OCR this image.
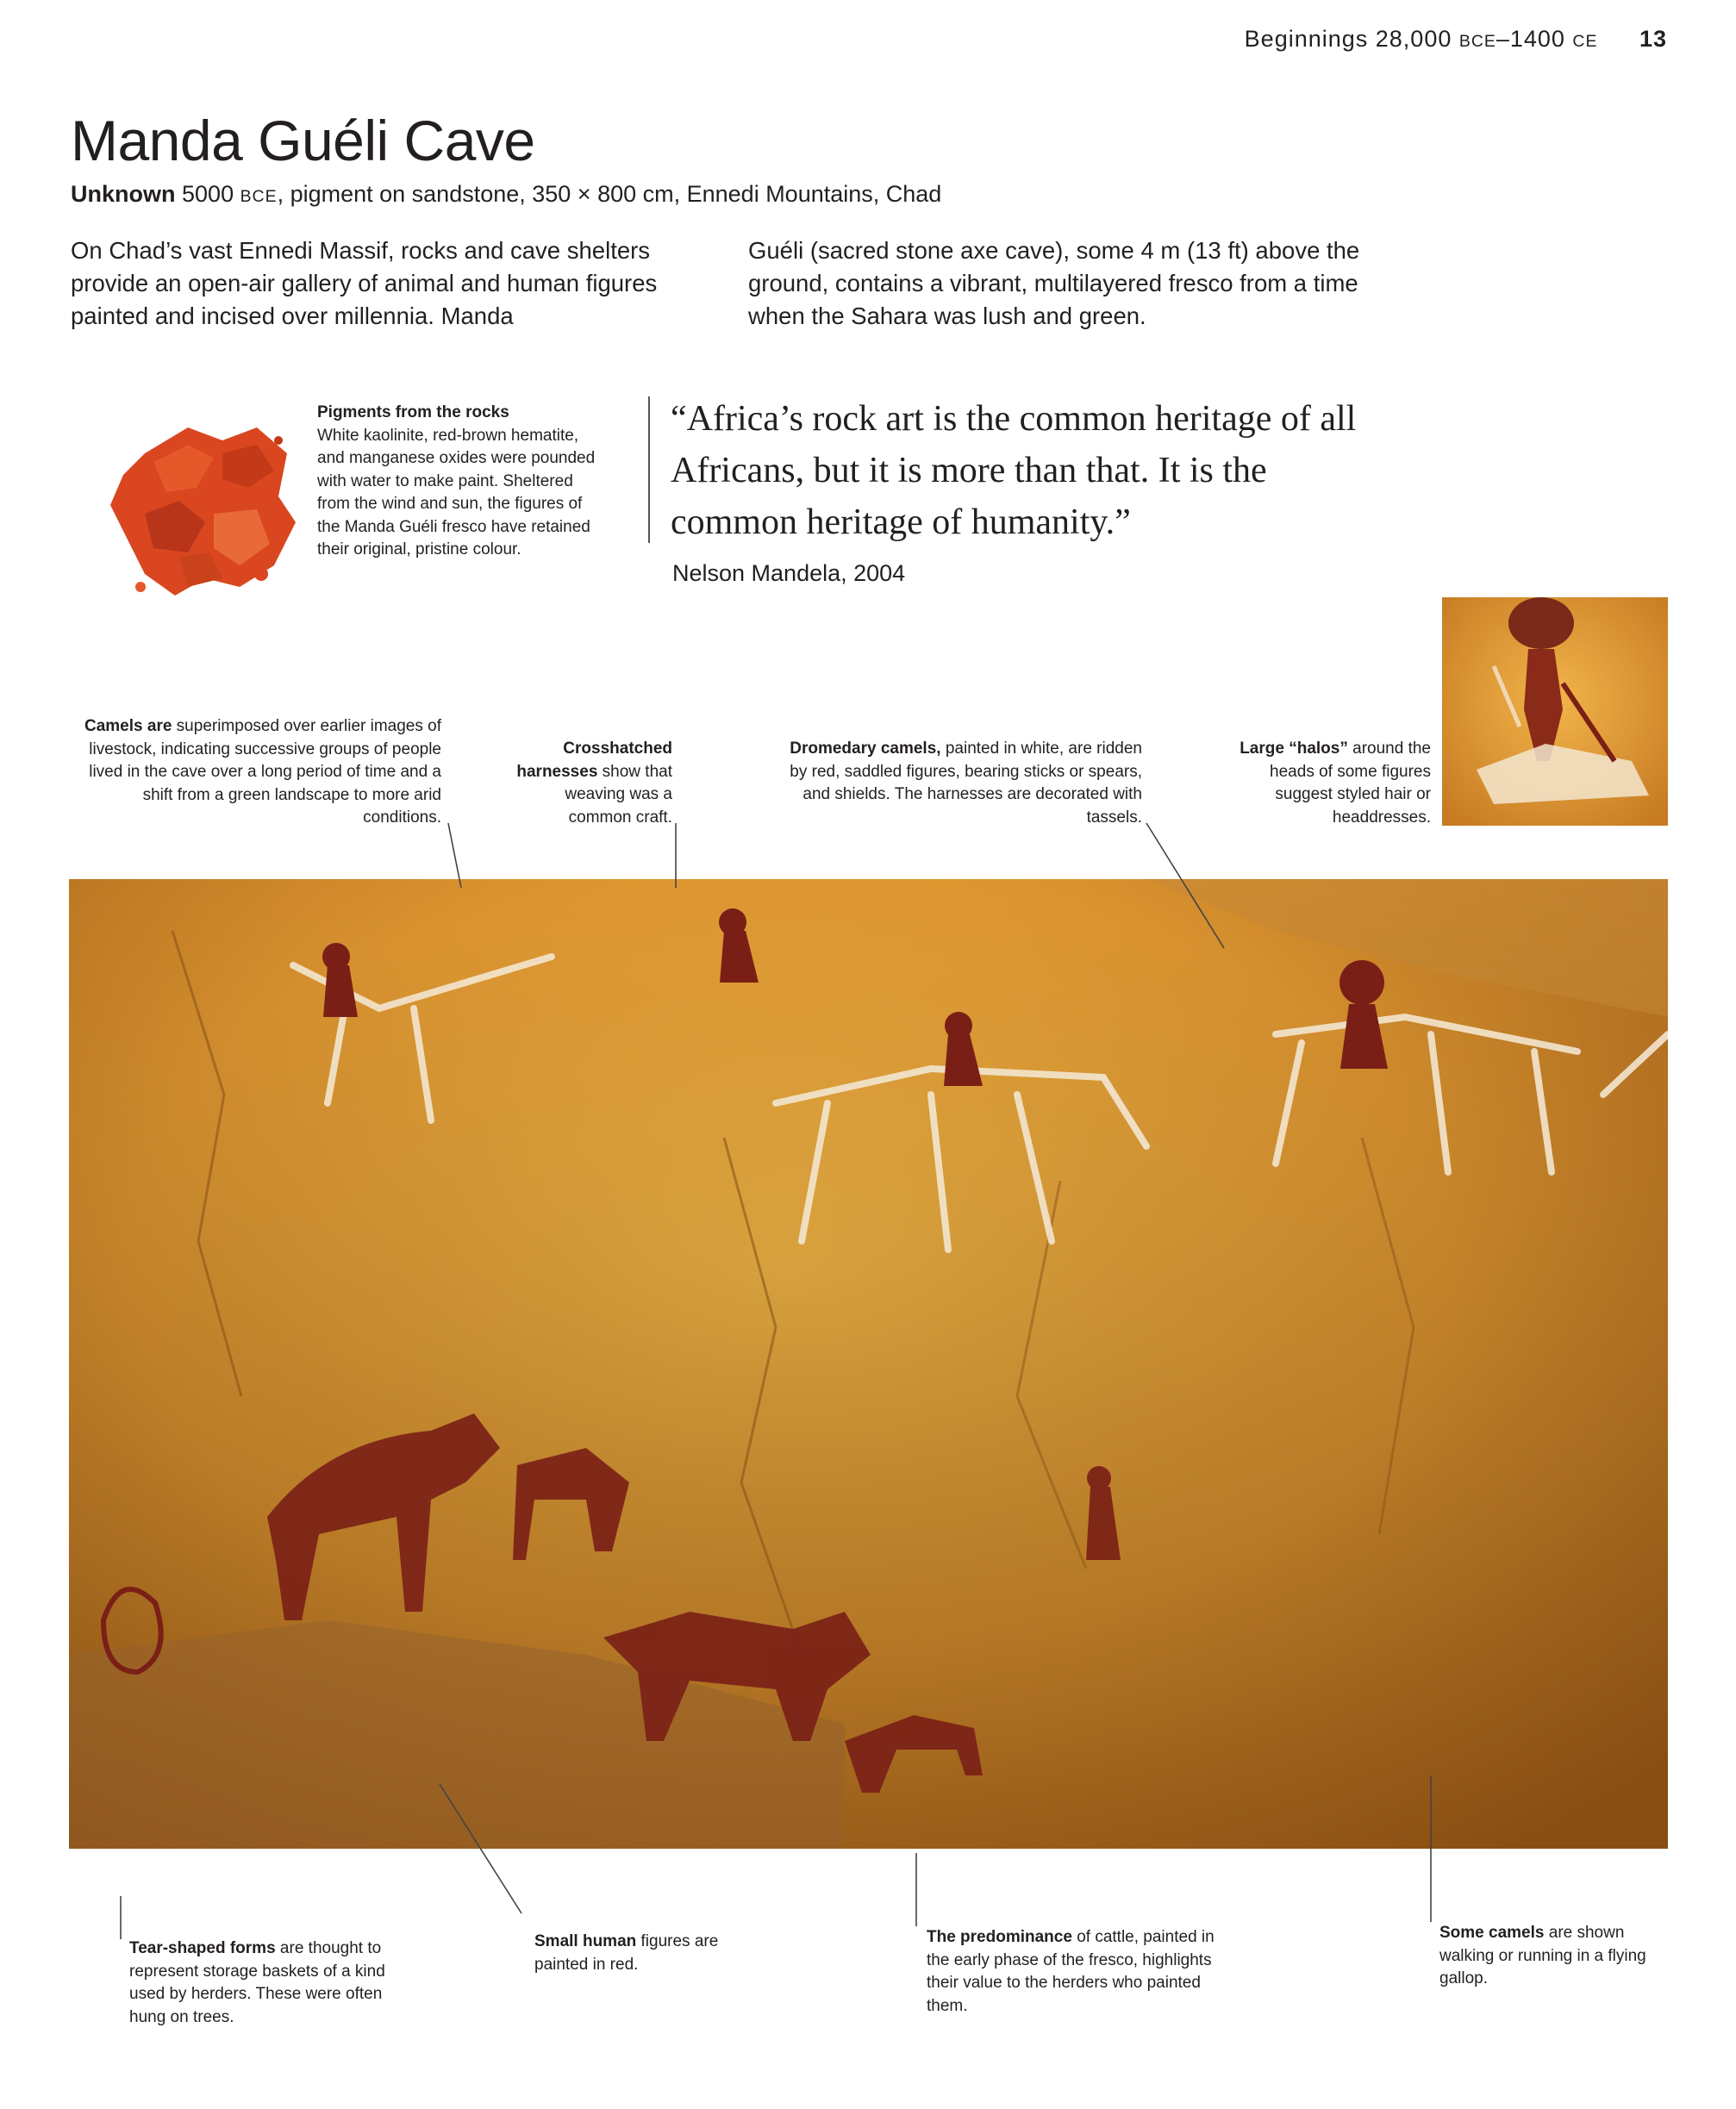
Beginnings 28,000 BCE–1400 CE 13
Manda Guéli Cave
Unknown 5000 BCE, pigment on sandstone, 350 × 800 cm, Ennedi Mountains, Chad
On Chad’s vast Ennedi Massif, rocks and cave shelters provide an open-air gallery of animal and human figures painted and incised over millennia. Manda
Guéli (sacred stone axe cave), some 4 m (13 ft) above the ground, contains a vibrant, multilayered fresco from a time when the Sahara was lush and green.
Pigments from the rocks
White kaolinite, red-brown hematite, and manganese oxides were pounded with water to make paint. Sheltered from the wind and sun, the figures of the Manda Guéli fresco have retained their original, pristine colour.
“Africa’s rock art is the common heritage of all Africans, but it is more than that. It is the common heritage of humanity.”
Nelson Mandela, 2004
Camels are superimposed over earlier images of livestock, indicating successive groups of people lived in the cave over a long period of time and a shift from a green landscape to more arid conditions.
Crosshatched harnesses show that weaving was a common craft.
Dromedary camels, painted in white, are ridden by red, saddled figures, bearing sticks or spears, and shields. The harnesses are decorated with tassels.
Large “halos” around the heads of some figures suggest styled hair or headdresses.
Tear-shaped forms are thought to represent storage baskets of a kind used by herders. These were often hung on trees.
Small human figures are painted in red.
The predominance of cattle, painted in the early phase of the fresco, highlights their value to the herders who painted them.
Some camels are shown walking or running in a flying gallop.
